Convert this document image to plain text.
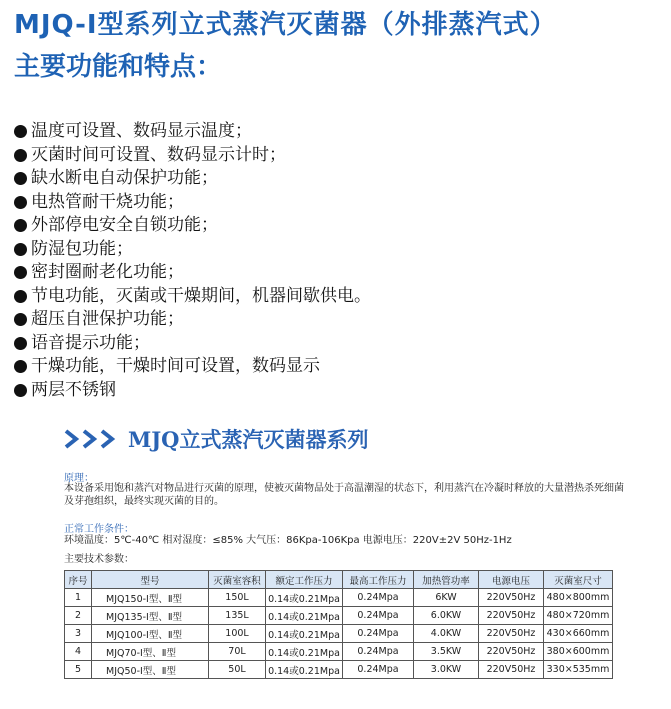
MJQ-Ⅰ型系列立式蒸汽灭菌器（外排蒸汽式）
主要功能和特点：
温度可设置、数码显示温度；
灭菌时间可设置、数码显示计时；
缺水断电自动保护功能；
电热管耐干烧功能；
外部停电安全自锁功能；
防湿包功能；
密封圈耐老化功能；
节电功能，灭菌或干燥期间，机器间歇供电。
超压自泄保护功能；
语音提示功能；
干燥功能，干燥时间可设置，数码显示
两层不锈钢
MJQ立式蒸汽灭菌器系列
原理：
本设备采用饱和蒸汽对物品进行灭菌的原理，使被灭菌物品处于高温潮湿的状态下，利用蒸汽在冷凝时释放的大量潜热杀死细菌及芽孢组织，最终实现灭菌的目的。
正常工作条件：
环境温度：5℃-40℃ 相对湿度：≤85% 大气压：86Kpa-106Kpa 电源电压：220V±2V 50Hz-1Hz
主要技术参数：
序号	型号	灭菌室容积	额定工作压力	最高工作压力	加热管功率	电源电压	灭菌室尺寸
1	MJQ150-Ⅰ型、Ⅱ型	150L	0.14或0.21Mpa	0.24Mpa	6KW	220V50Hz	480×800mm
2	MJQ135-Ⅰ型、Ⅱ型	135L	0.14或0.21Mpa	0.24Mpa	6.0KW	220V50Hz	480×720mm
3	MJQ100-Ⅰ型、Ⅱ型	100L	0.14或0.21Mpa	0.24Mpa	4.0KW	220V50Hz	430×660mm
4	MJQ70-Ⅰ型、Ⅱ型	70L	0.14或0.21Mpa	0.24Mpa	3.5KW	220V50Hz	380×600mm
5	MJQ50-Ⅰ型、Ⅱ型	50L	0.14或0.21Mpa	0.24Mpa	3.0KW	220V50Hz	330×535mm
